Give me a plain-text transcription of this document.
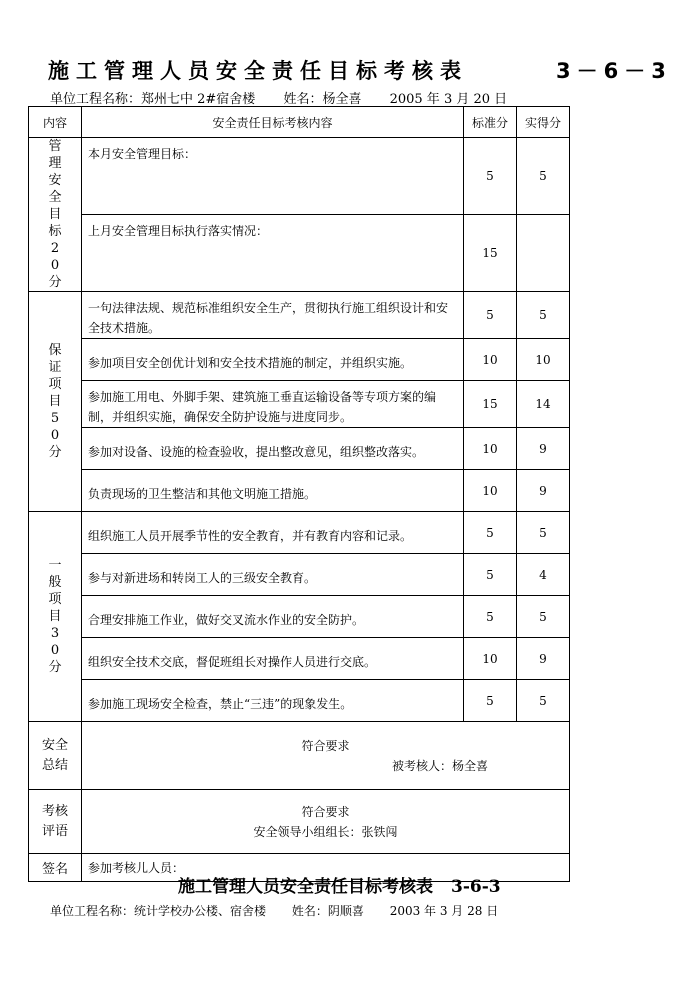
施工管理人员安全责任目标考核表	3－6－3
单位工程名称：郑州七中 2#宿舍楼 姓名：杨全喜 2005 年 3 月 20 日
内容	安全责任目标考核内容	标准分	实得分
管理安全目标20分	本月安全管理目标：	5	5
	上月安全管理目标执行落实情况：	15	
保证项目50分	一句法律法规、规范标准组织安全生产，贯彻执行施工组织设计和安全技术措施。	5	5
	参加项目安全创优计划和安全技术措施的制定，并组织实施。	10	10
	参加施工用电、外脚手架、建筑施工垂直运输设备等专项方案的编制，并组织实施，确保安全防护设施与进度同步。	15	14
	参加对设备、设施的检查验收，提出整改意见，组织整改落实。	10	9
	负责现场的卫生整洁和其他文明施工措施。	10	9
一般项目30分	组织施工人员开展季节性的安全教育，并有教育内容和记录。	5	5
	参与对新进场和转岗工人的三级安全教育。	5	4
	合理安排施工作业，做好交叉流水作业的安全防护。	5	5
	组织安全技术交底，督促班组长对操作人员进行交底。	10	9
	参加施工现场安全检查，禁止“三违”的现象发生。	5	5
安全总结	符合要求
被考核人：杨全喜		

考核评语	符合要求
安全领导小组组长：张铁闯		

签名	参加考核儿人员：		
施工管理人员安全责任目标考核表 3-6-3
单位工程名称：统计学校办公楼、宿舍楼 姓名：阴顺喜 2003 年 3 月 28 日
